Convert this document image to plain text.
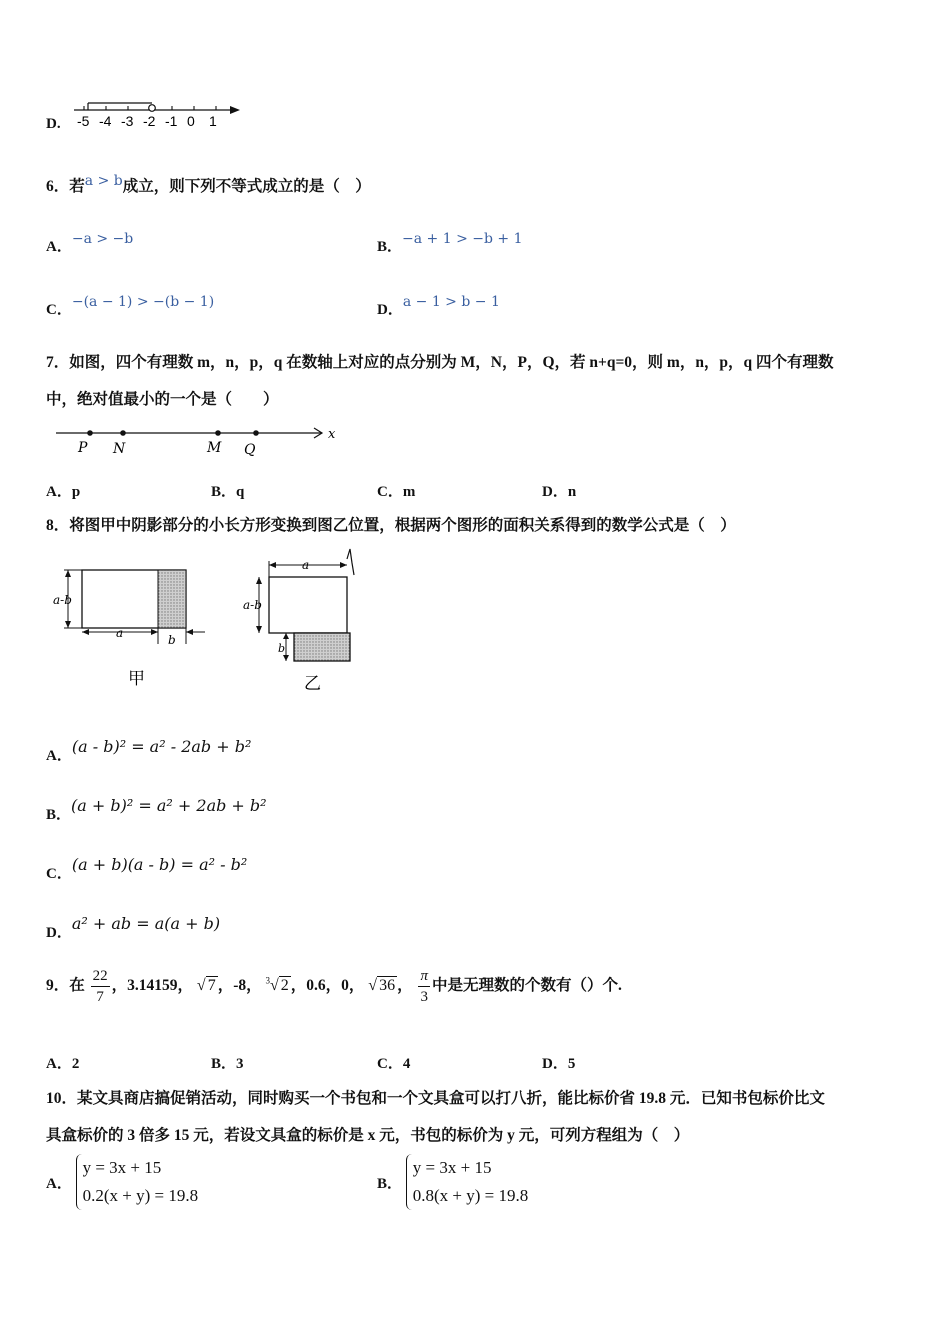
D. -5 -4 -3 -2 -1 0 1
6．若a > b成立，则下列不等式成立的是（　）
A．−a > −b	B．−a + 1 > −b + 1
C．−(a − 1) > −(b − 1)	D．a − 1 > b − 1
7．如图，四个有理数 m，n，p，q 在数轴上对应的点分别为 M，N，P，Q，若 n+q=0，则 m，n，p，q 四个有理数
中，绝对值最小的一个是（　　）
x
P N	M Q
A．p	B．q	C．m	D．n
8．将图甲中阴影部分的小长方形变换到图乙位置，根据两个图形的面积关系得到的数学公式是（　）
a-b
a	b
甲
a
a-b
b
乙
A．(a - b)² = a² - 2ab + b²
B．(a + b)² = a² + 2ab + b²
C．(a + b)(a - b) = a² - b²
D．a² + ab = a(a + b)
9．在 $\frac{22}{7}$ ，3.14159， √ 7 ，-8， $^3$√ 2 ，0.6，0， √ 36 ， $\frac{\pi}{3}$ 中是无理数的个数有（）个.
A．2	B．3	C．4	D．5
10．某文具商店搞促销活动，同时购买一个书包和一个文具盒可以打八折，能比标价省 19.8 元．已知书包标价比文
具盒标价的 3 倍多 15 元，若设文具盒的标价是 x 元，书包的标价为 y 元，可列方程组为（　）
A．
y = 3x + 15
0.2(x + y) = 19.8
B．
y = 3x + 15
0.8(x + y) = 19.8
